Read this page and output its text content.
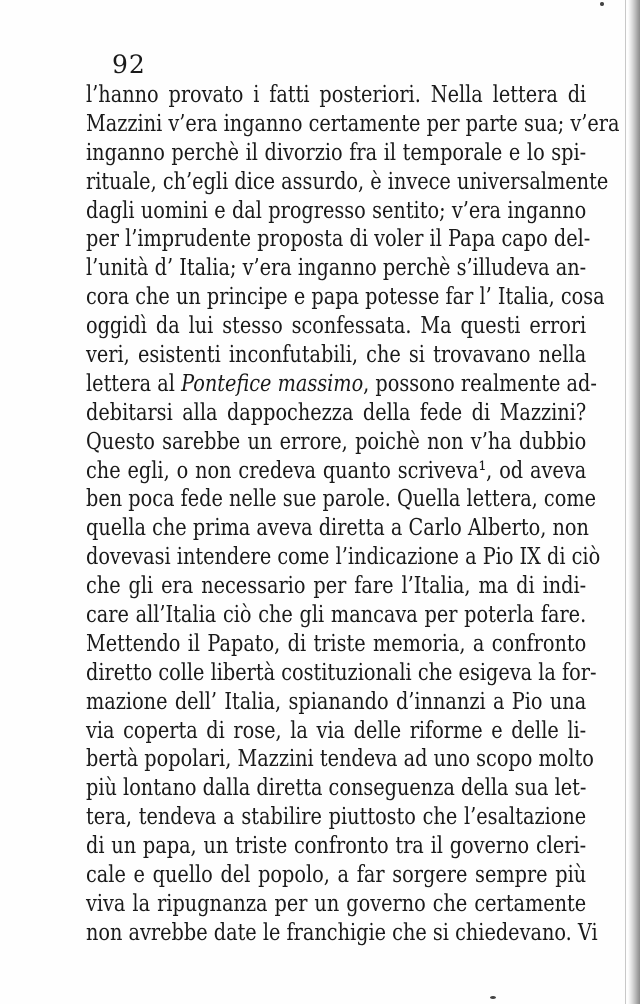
92
l’hanno provato i fatti posteriori. Nella lettera di
Mazzini v’era inganno certamente per parte sua; v’era
inganno perchè il divorzio fra il temporale e lo spi-
rituale, ch’egli dice assurdo, è invece universalmente
dagli uomini e dal progresso sentito; v’era inganno
per l’imprudente proposta di voler il Papa capo del-
l’unità d’ Italia; v’era inganno perchè s’illudeva an-
cora che un principe e papa potesse far l’ Italia, cosa
oggidì da lui stesso sconfessata. Ma questi errori
veri, esistenti inconfutabili, che si trovavano nella
lettera al Pontefice massimo, possono realmente ad-
debitarsi alla dappochezza della fede di Mazzini?
Questo sarebbe un errore, poichè non v’ha dubbio
che egli, o non credeva quanto scriveva¹, od aveva
ben poca fede nelle sue parole. Quella lettera, come
quella che prima aveva diretta a Carlo Alberto, non
dovevasi intendere come l’indicazione a Pio IX di ciò
che gli era necessario per fare l’Italia, ma di indi-
care all’Italia ciò che gli mancava per poterla fare.
Mettendo il Papato, di triste memoria, a confronto
diretto colle libertà costituzionali che esigeva la for-
mazione dell’ Italia, spianando d’innanzi a Pio una
via coperta di rose, la via delle riforme e delle li-
bertà popolari, Mazzini tendeva ad uno scopo molto
più lontano dalla diretta conseguenza della sua let-
tera, tendeva a stabilire piuttosto che l’esaltazione
di un papa, un triste confronto tra il governo cleri-
cale e quello del popolo, a far sorgere sempre più
viva la ripugnanza per un governo che certamente
non avrebbe date le franchigie che si chiedevano. Vi
